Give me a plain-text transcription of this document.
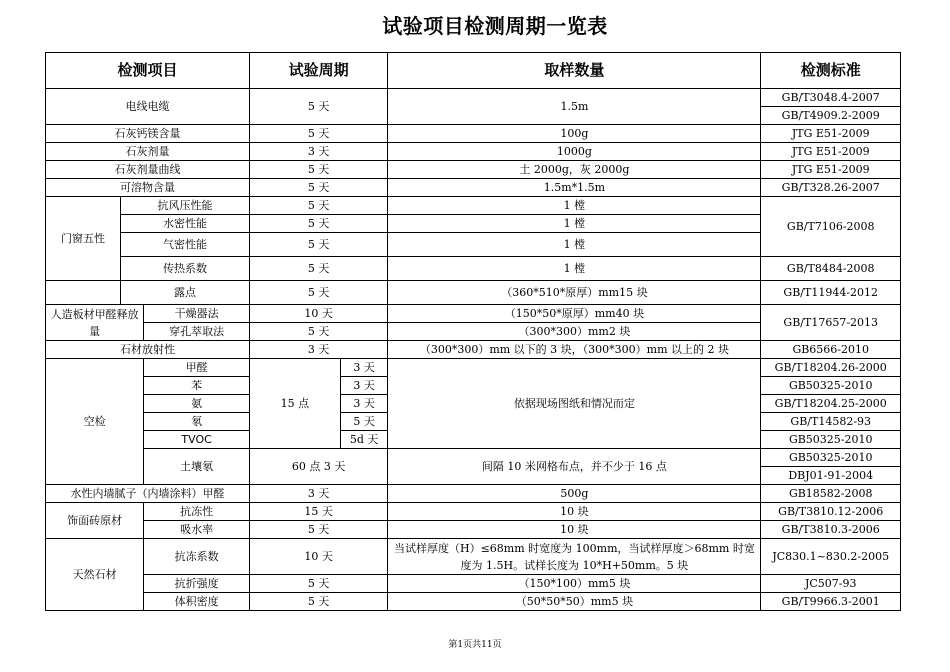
试验项目检测周期一览表
检测项目			试验周期		取样数量	检测标准
电线电缆			5 天		1.5m	GB/T3048.4-2007
						GB/T4909.2-2009
石灰钙镁含量			5 天		100g	JTG E51-2009
石灰剂量			3 天		1000g	JTG E51-2009
石灰剂量曲线			5 天		土 2000g，灰 2000g	JTG E51-2009
可溶物含量			5 天		1.5m*1.5m	GB/T328.26-2007
门窗五性	抗风压性能		5 天		1 樘	GB/T7106-2008
	水密性能		5 天		1 樘	
	气密性能		5 天		1 樘	
	传热系数		5 天		1 樘	GB/T8484-2008
	露点		5 天		（360*510*原厚）mm15 块	GB/T11944-2012
人造板材甲醛释放量		干燥器法	10 天		（150*50*原厚）mm40 块	GB/T17657-2013
		穿孔萃取法	5 天		（300*300）mm2 块	
石材放射性			3 天		（300*300）mm 以下的 3 块，（300*300）mm 以上的 2 块	GB6566-2010
空检		甲醛	15 点	3 天	依据现场图纸和情况而定	GB/T18204.26-2000
		苯		3 天		GB50325-2010
		氨		3 天		GB/T18204.25-2000
		氡		5 天		GB/T14582-93
		TVOC		5d 天		GB50325-2010
		土壤氡	60 点 3 天		间隔 10 米网格布点，并不少于 16 点	GB50325-2010
						DBJ01-91-2004
水性内墙腻子（内墙涂料）甲醛			3 天		500g	GB18582-2008
饰面砖原材		抗冻性	15 天		10 块	GB/T3810.12-2006
		吸水率	5 天		10 块	GB/T3810.3-2006
天然石材		抗冻系数	10 天		当试样厚度（H）≤68mm 时宽度为 100mm，当试样厚度＞68mm 时宽度为 1.5H。试样长度为 10*H+50mm。5 块	JC830.1~830.2-2005
		抗折强度	5 天		（150*100）mm5 块	JC507-93
		体积密度	5 天		（50*50*50）mm5 块	GB/T9966.3-2001
第1页共11页
